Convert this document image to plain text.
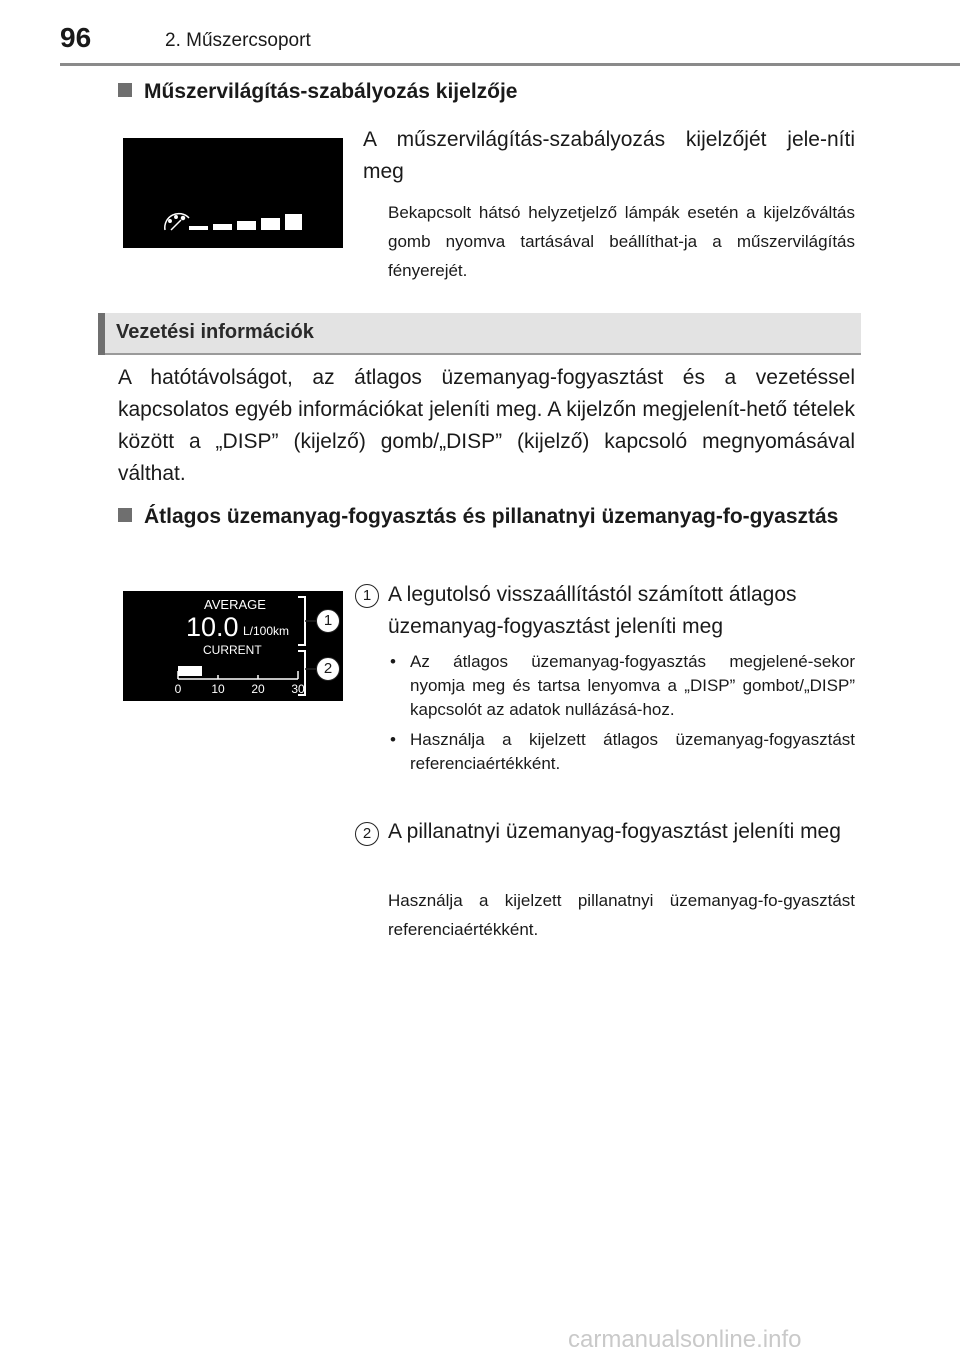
96	2. Műszercsoport
Műszervilágítás-szabályozás kijelzője
A műszervilágítás-szabályozás kijelzőjét jele-níti meg
Bekapcsolt hátsó helyzetjelző lámpák esetén a kijelzőváltás gomb nyomva tartásával beállíthat-ja a műszervilágítás fényerejét.
Vezetési információk
A hatótávolságot, az átlagos üzemanyag-fogyasztást és a vezetéssel kapcsolatos egyéb információkat jeleníti meg. A kijelzőn megjelenít-hető tételek között a „DISP” (kijelző) gomb/„DISP” (kijelző) kapcsoló megnyomásával válthat.
Átlagos üzemanyag-fogyasztás és pillanatnyi üzemanyag-fo-gyasztás
AVERAGE
10.0 L/100km
CURRENT
0 10 20 30
1
2
1 A legutolsó visszaállítástól számított átlagos üzemanyag-fogyasztást jeleníti meg
• Az átlagos üzemanyag-fogyasztás megjelené-sekor nyomja meg és tartsa lenyomva a „DISP” gombot/„DISP” kapcsolót az adatok nullázásá-hoz.
• Használja a kijelzett átlagos üzemanyag-fogyasztást referenciaértékként.
2 A pillanatnyi üzemanyag-fogyasztást jeleníti meg
Használja a kijelzett pillanatnyi üzemanyag-fo-gyasztást referenciaértékként.
carmanualsonline.info
